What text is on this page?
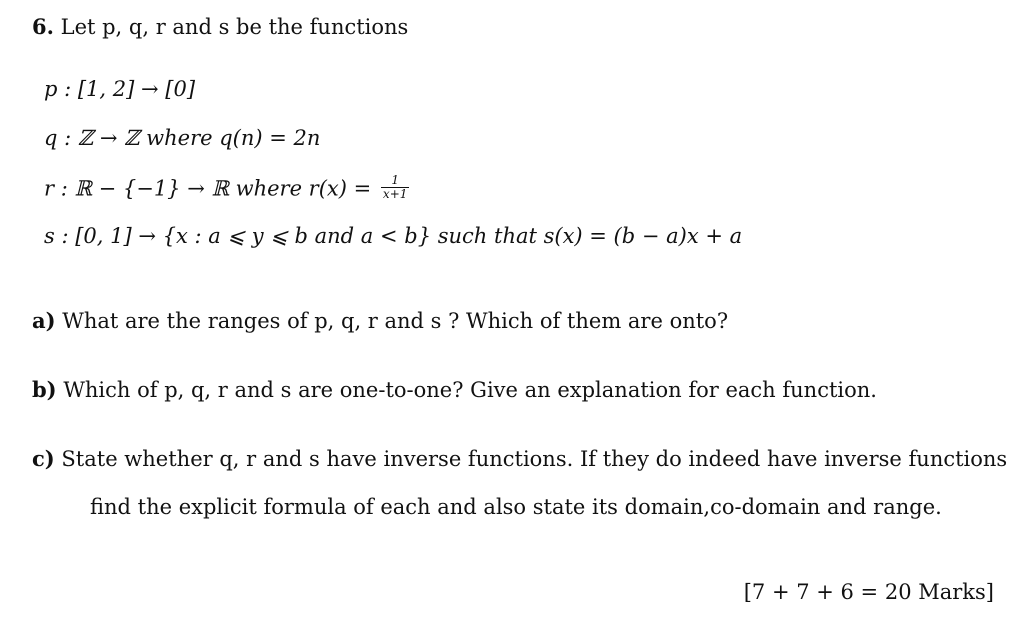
6. Let p, q, r and s be the functions
p : [1, 2] → [0]
q : ℤ → ℤ where q(n) = 2n
r : ℝ − {−1} → ℝ where $r(x) = \frac{1}{x+1}$
s : [0, 1] → {x : a ⩽ y ⩽ b and a < b} such that s(x) = (b − a)x + a
a) What are the ranges of p, q, r and s ? Which of them are onto?
b) Which of p, q, r and s are one-to-one? Give an explanation for each function.
c) State whether q, r and s have inverse functions. If they do indeed have inverse functions
find the explicit formula of each and also state its domain,co-domain and range.
[7 + 7 + 6 = 20 Marks]
